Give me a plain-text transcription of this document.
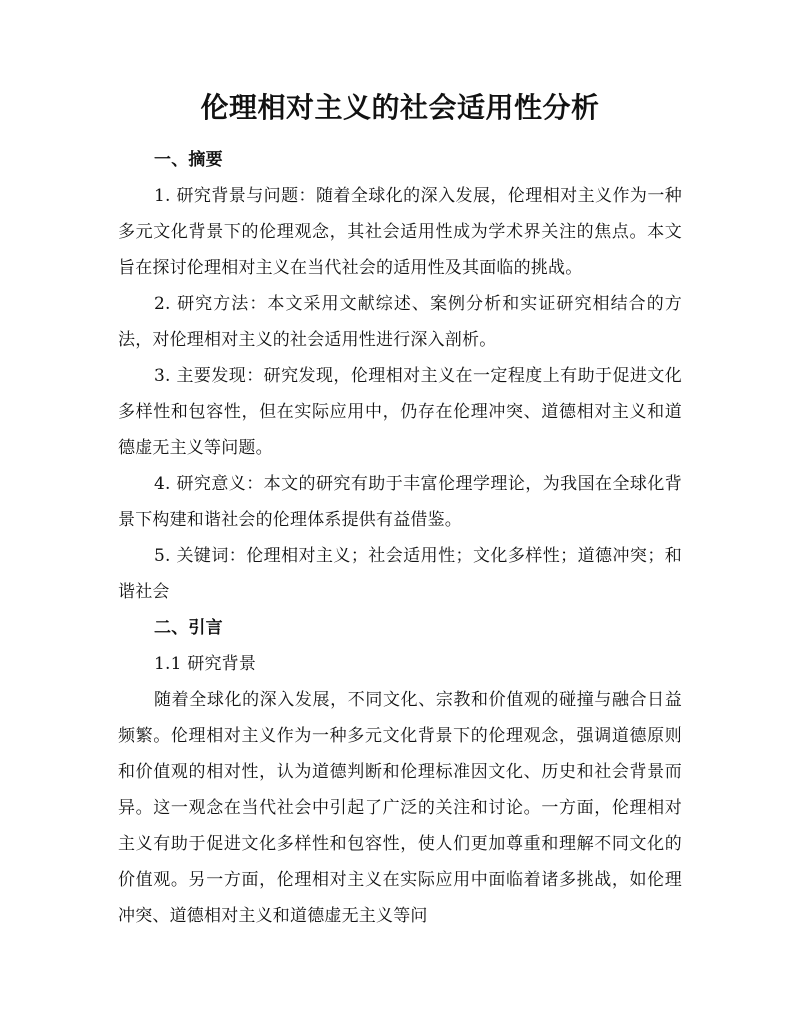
伦理相对主义的社会适用性分析
一、摘要

1. 研究背景与问题：随着全球化的深入发展，伦理相对主义作为一种多元文化背景下的伦理观念，其社会适用性成为学术界关注的焦点。本文旨在探讨伦理相对主义在当代社会的适用性及其面临的挑战。

2. 研究方法：本文采用文献综述、案例分析和实证研究相结合的方法，对伦理相对主义的社会适用性进行深入剖析。

3. 主要发现：研究发现，伦理相对主义在一定程度上有助于促进文化多样性和包容性，但在实际应用中，仍存在伦理冲突、道德相对主义和道德虚无主义等问题。

4. 研究意义：本文的研究有助于丰富伦理学理论，为我国在全球化背景下构建和谐社会的伦理体系提供有益借鉴。

5. 关键词：伦理相对主义；社会适用性；文化多样性；道德冲突；和谐社会

二、引言
1.1 研究背景

随着全球化的深入发展，不同文化、宗教和价值观的碰撞与融合日益频繁。伦理相对主义作为一种多元文化背景下的伦理观念，强调道德原则和价值观的相对性，认为道德判断和伦理标准因文化、历史和社会背景而异。这一观念在当代社会中引起了广泛的关注和讨论。一方面，伦理相对主义有助于促进文化多样性和包容性，使人们更加尊重和理解不同文化的价值观。另一方面，伦理相对主义在实际应用中面临着诸多挑战，如伦理冲突、道德相对主义和道德虚无主义等问
